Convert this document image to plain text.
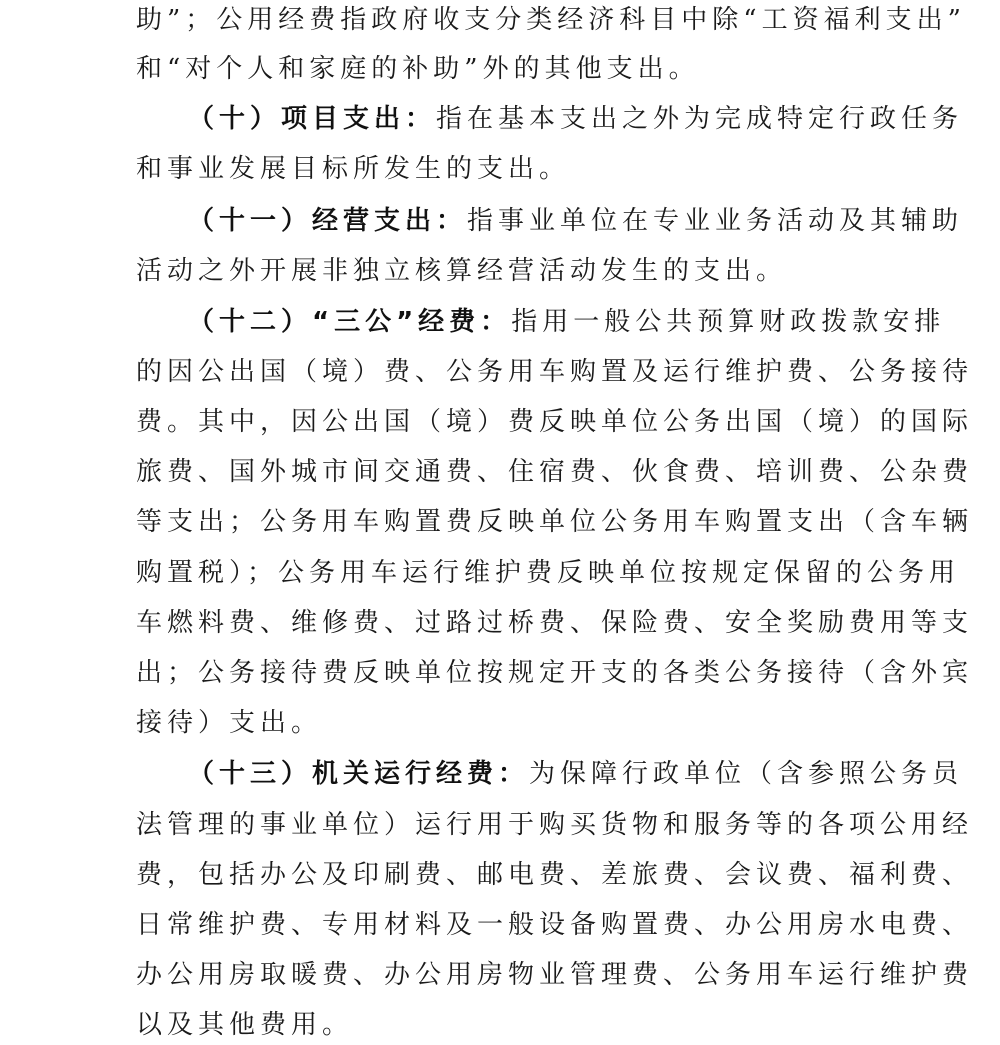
助”；公用经费指政府收支分类经济科目中除“工资福利支出”
和“对个人和家庭的补助”外的其他支出。
（十）项目支出：指在基本支出之外为完成特定行政任务
和事业发展目标所发生的支出。
（十一）经营支出：指事业单位在专业业务活动及其辅助
活动之外开展非独立核算经营活动发生的支出。
（十二）“三公”经费：指用一般公共预算财政拨款安排
的因公出国（境）费、公务用车购置及运行维护费、公务接待
费。其中，因公出国（境）费反映单位公务出国（境）的国际
旅费、国外城市间交通费、住宿费、伙食费、培训费、公杂费
等支出；公务用车购置费反映单位公务用车购置支出（含车辆
购置税）；公务用车运行维护费反映单位按规定保留的公务用
车燃料费、维修费、过路过桥费、保险费、安全奖励费用等支
出；公务接待费反映单位按规定开支的各类公务接待（含外宾
接待）支出。
（十三）机关运行经费：为保障行政单位（含参照公务员
法管理的事业单位）运行用于购买货物和服务等的各项公用经
费，包括办公及印刷费、邮电费、差旅费、会议费、福利费、
日常维护费、专用材料及一般设备购置费、办公用房水电费、
办公用房取暖费、办公用房物业管理费、公务用车运行维护费
以及其他费用。
